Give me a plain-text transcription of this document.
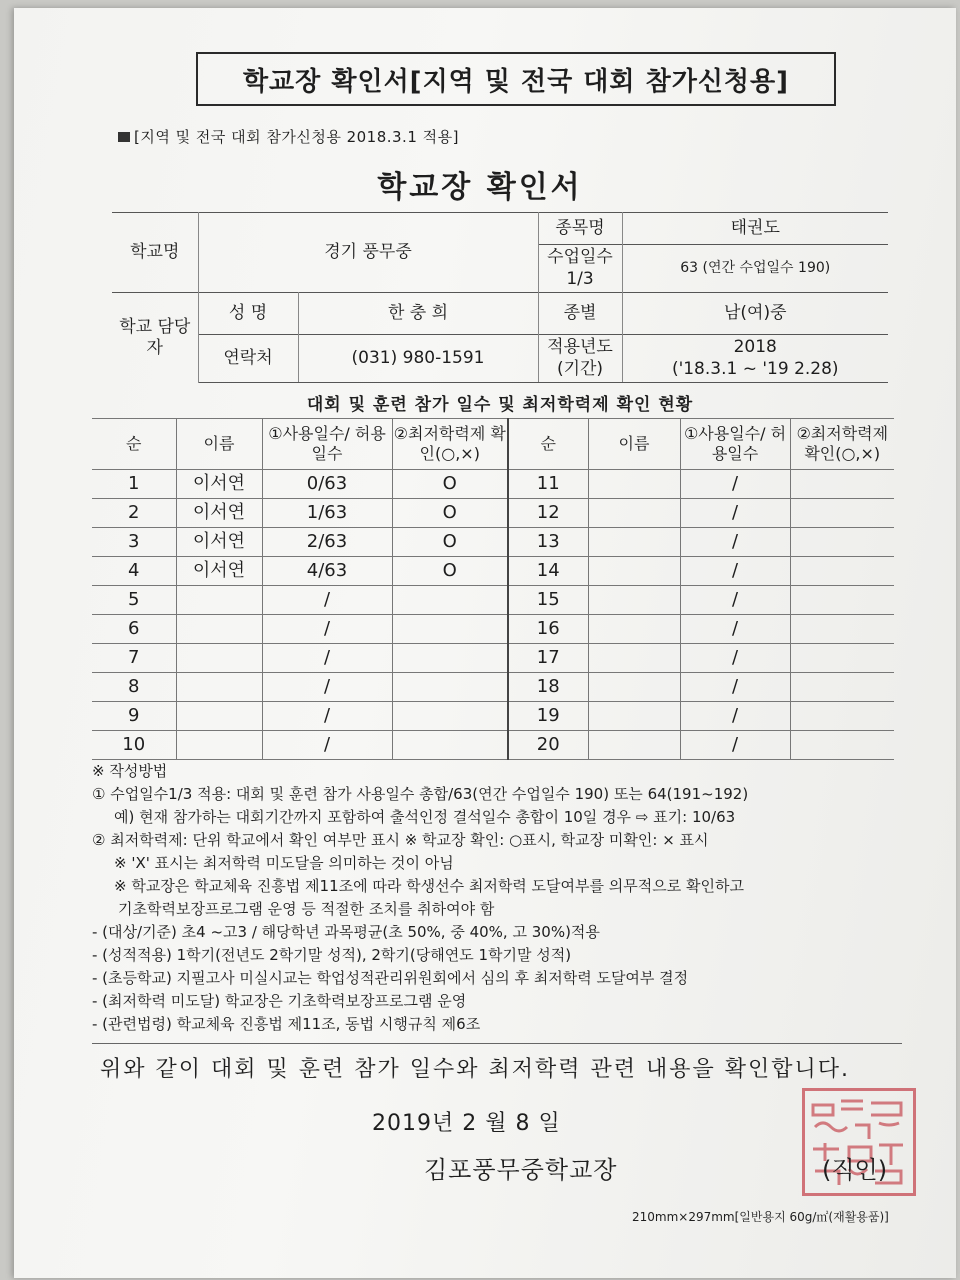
학교장 확인서[지역 및 전국 대회 참가신청용]
[지역 및 전국 대회 참가신청용 2018.3.1 적용]
학교장 확인서
학교명	경기 풍무중		종목명	태권도
			수업일수 1/3	63 (연간 수업일수 190)
학교 담당자	성 명	한 충 희	종별	남(여)중
	연락처	(031) 980-1591	적용년도 (기간)	2018
('18.3.1 ~ '19 2.28)
대회 및 훈련 참가 일수 및 최저학력제 확인 현황
순	이름	①사용일수/ 허용일수	②최저학력제 확인(○,×)	순	이름	①사용일수/ 허용일수	②최저학력제 확인(○,×)
1	이서연	0/63	O	11		/	
2	이서연	1/63	O	12		/	
3	이서연	2/63	O	13		/	
4	이서연	4/63	O	14		/	
5		/		15		/	
6		/		16		/	
7		/		17		/	
8		/		18		/	
9		/		19		/	
10		/		20		/	

※ 작성방법

① 수업일수1/3 적용: 대회 및 훈련 참가 사용일수 총합/63(연간 수업일수 190) 또는 64(191~192)

예) 현재 참가하는 대회기간까지 포함하여 출석인정 결석일수 총합이 10일 경우 ⇨ 표기: 10/63

② 최저학력제: 단위 학교에서 확인 여부만 표시 ※ 학교장 확인: ○표시, 학교장 미확인: × 표시

※ 'X' 표시는 최저학력 미도달을 의미하는 것이 아님

※ 학교장은 학교체육 진흥법 제11조에 따라 학생선수 최저학력 도달여부를 의무적으로 확인하고

기초학력보장프로그램 운영 등 적절한 조치를 취하여야 함

- (대상/기준) 초4 ~고3 / 해당학년 과목평균(초 50%, 중 40%, 고 30%)적용

- (성적적용) 1학기(전년도 2학기말 성적), 2학기(당해연도 1학기말 성적)

- (초등학교) 지필고사 미실시교는 학업성적관리위원회에서 심의 후 최저학력 도달여부 결정

- (최저학력 미도달) 학교장은 기초학력보장프로그램 운영

- (관련법령) 학교체육 진흥법 제11조, 동법 시행규칙 제6조

위와 같이 대회 및 훈련 참가 일수와 최저학력 관련 내용을 확인합니다.
2019년 2 월 8 일
김포풍무중학교장	(직인)
210mm×297mm[일반용지 60g/㎡(재활용품)]
